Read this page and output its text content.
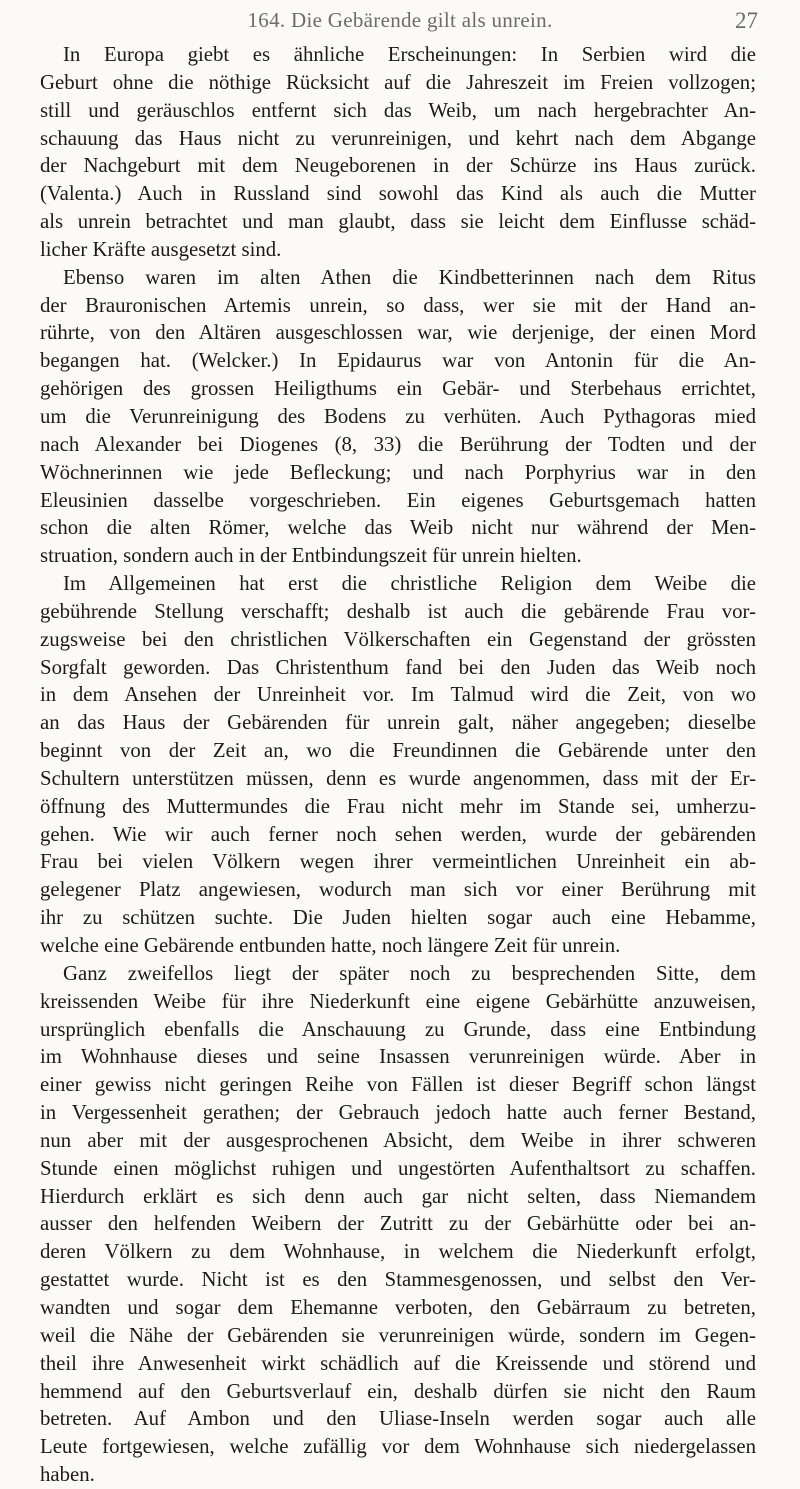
164. Die Gebärende gilt als unrein.	27
In Europa giebt es ähnliche Erscheinungen: In Serbien wird die
Geburt ohne die nöthige Rücksicht auf die Jahreszeit im Freien vollzogen;
still und geräuschlos entfernt sich das Weib, um nach hergebrachter An-
schauung das Haus nicht zu verunreinigen, und kehrt nach dem Abgange
der Nachgeburt mit dem Neugeborenen in der Schürze ins Haus zurück.
(Valenta.) Auch in Russland sind sowohl das Kind als auch die Mutter
als unrein betrachtet und man glaubt, dass sie leicht dem Einflusse schäd-
licher Kräfte ausgesetzt sind.
Ebenso waren im alten Athen die Kindbetterinnen nach dem Ritus
der Brauronischen Artemis unrein, so dass, wer sie mit der Hand an-
rührte, von den Altären ausgeschlossen war, wie derjenige, der einen Mord
begangen hat. (Welcker.) In Epidaurus war von Antonin für die An-
gehörigen des grossen Heiligthums ein Gebär- und Sterbehaus errichtet,
um die Verunreinigung des Bodens zu verhüten. Auch Pythagoras mied
nach Alexander bei Diogenes (8, 33) die Berührung der Todten und der
Wöchnerinnen wie jede Befleckung; und nach Porphyrius war in den
Eleusinien dasselbe vorgeschrieben. Ein eigenes Geburtsgemach hatten
schon die alten Römer, welche das Weib nicht nur während der Men-
struation, sondern auch in der Entbindungszeit für unrein hielten.
Im Allgemeinen hat erst die christliche Religion dem Weibe die
gebührende Stellung verschafft; deshalb ist auch die gebärende Frau vor-
zugsweise bei den christlichen Völkerschaften ein Gegenstand der grössten
Sorgfalt geworden. Das Christenthum fand bei den Juden das Weib noch
in dem Ansehen der Unreinheit vor. Im Talmud wird die Zeit, von wo
an das Haus der Gebärenden für unrein galt, näher angegeben; dieselbe
beginnt von der Zeit an, wo die Freundinnen die Gebärende unter den
Schultern unterstützen müssen, denn es wurde angenommen, dass mit der Er-
öffnung des Muttermundes die Frau nicht mehr im Stande sei, umherzu-
gehen. Wie wir auch ferner noch sehen werden, wurde der gebärenden
Frau bei vielen Völkern wegen ihrer vermeintlichen Unreinheit ein ab-
gelegener Platz angewiesen, wodurch man sich vor einer Berührung mit
ihr zu schützen suchte. Die Juden hielten sogar auch eine Hebamme,
welche eine Gebärende entbunden hatte, noch längere Zeit für unrein.
Ganz zweifellos liegt der später noch zu besprechenden Sitte, dem
kreissenden Weibe für ihre Niederkunft eine eigene Gebärhütte anzuweisen,
ursprünglich ebenfalls die Anschauung zu Grunde, dass eine Entbindung
im Wohnhause dieses und seine Insassen verunreinigen würde. Aber in
einer gewiss nicht geringen Reihe von Fällen ist dieser Begriff schon längst
in Vergessenheit gerathen; der Gebrauch jedoch hatte auch ferner Bestand,
nun aber mit der ausgesprochenen Absicht, dem Weibe in ihrer schweren
Stunde einen möglichst ruhigen und ungestörten Aufenthaltsort zu schaffen.
Hierdurch erklärt es sich denn auch gar nicht selten, dass Niemandem
ausser den helfenden Weibern der Zutritt zu der Gebärhütte oder bei an-
deren Völkern zu dem Wohnhause, in welchem die Niederkunft erfolgt,
gestattet wurde. Nicht ist es den Stammesgenossen, und selbst den Ver-
wandten und sogar dem Ehemanne verboten, den Gebärraum zu betreten,
weil die Nähe der Gebärenden sie verunreinigen würde, sondern im Gegen-
theil ihre Anwesenheit wirkt schädlich auf die Kreissende und störend und
hemmend auf den Geburtsverlauf ein, deshalb dürfen sie nicht den Raum
betreten. Auf Ambon und den Uliase-Inseln werden sogar auch alle
Leute fortgewiesen, welche zufällig vor dem Wohnhause sich niedergelassen
haben.
